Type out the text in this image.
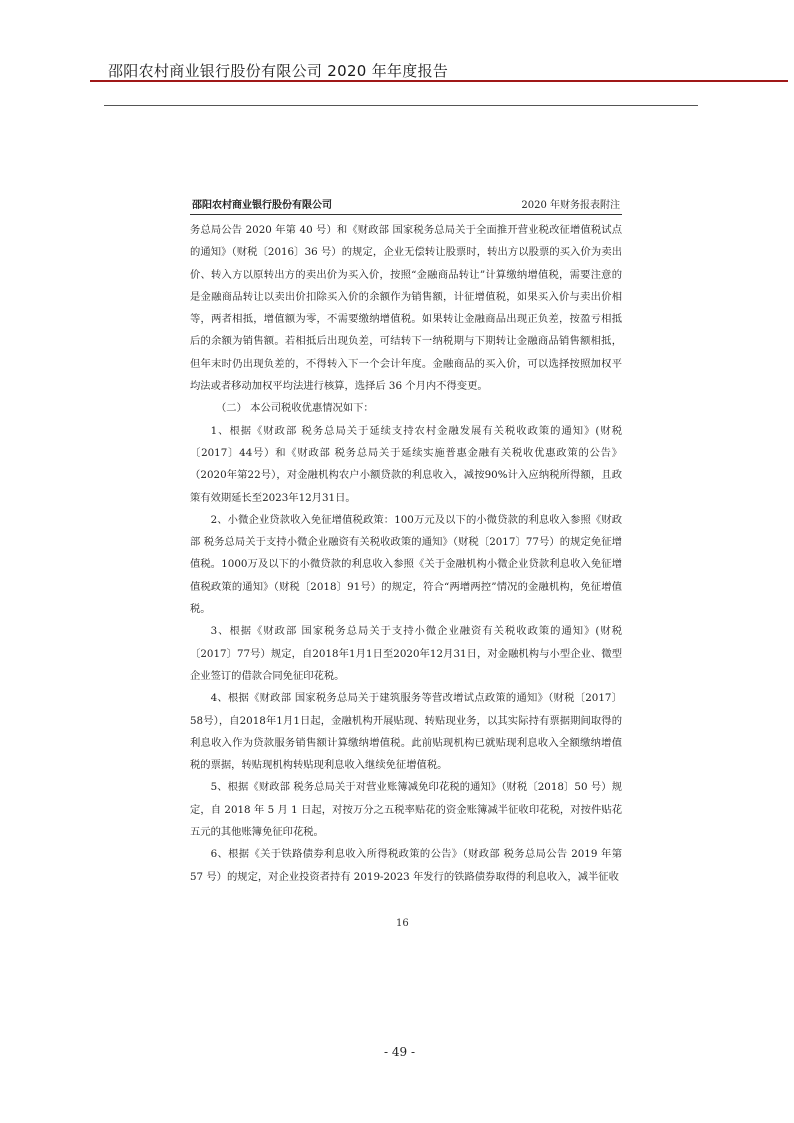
邵阳农村商业银行股份有限公司 2020 年年度报告
邵阳农村商业银行股份有限公司	2020 年财务报表附注

务总局公告 2020 年第 40 号）和《财政部 国家税务总局关于全面推开营业税改征增值税试点的通知》（财税〔2016〕36 号）的规定，企业无偿转让股票时，转出方以股票的买入价为卖出价、转入方以原转出方的卖出价为买入价，按照“金融商品转让”计算缴纳增值税，需要注意的是金融商品转让以卖出价扣除买入价的余额作为销售额，计征增值税，如果买入价与卖出价相等，两者相抵，增值额为零，不需要缴纳增值税。如果转让金融商品出现正负差，按盈亏相抵后的余额为销售额。若相抵后出现负差，可结转下一纳税期与下期转让金融商品销售额相抵，但年末时仍出现负差的，不得转入下一个会计年度。金融商品的买入价，可以选择按照加权平均法或者移动加权平均法进行核算，选择后 36 个月内不得变更。

（二） 本公司税收优惠情况如下：

1、根据《财政部 税务总局关于延续支持农村金融发展有关税收政策的通知》(财税〔2017〕44号）和《财政部 税务总局关于延续实施普惠金融有关税收优惠政策的公告》（2020年第22号），对金融机构农户小额贷款的利息收入，减按90%计入应纳税所得额，且政策有效期延长至2023年12月31日。

2、小微企业贷款收入免征增值税政策：100万元及以下的小微贷款的利息收入参照《财政部 税务总局关于支持小微企业融资有关税收政策的通知》（财税〔2017〕77号）的规定免征增值税。1000万及以下的小微贷款的利息收入参照《关于金融机构小微企业贷款利息收入免征增值税政策的通知》（财税〔2018〕91号）的规定，符合“两增两控”情况的金融机构，免征增值税。

3、根据《财政部 国家税务总局关于支持小微企业融资有关税收政策的通知》(财税〔2017〕77号）规定，自2018年1月1日至2020年12月31日，对金融机构与小型企业、微型企业签订的借款合同免征印花税。

4、根据《财政部 国家税务总局关于建筑服务等营改增试点政策的通知》（财税〔2017〕58号），自2018年1月1日起，金融机构开展贴现、转贴现业务，以其实际持有票据期间取得的利息收入作为贷款服务销售额计算缴纳增值税。此前贴现机构已就贴现利息收入全额缴纳增值税的票据，转贴现机构转贴现利息收入继续免征增值税。

5、根据《财政部 税务总局关于对营业账簿减免印花税的通知》（财税〔2018〕50 号）规定，自 2018 年 5 月 1 日起，对按万分之五税率贴花的资金账簿减半征收印花税，对按件贴花五元的其他账簿免征印花税。

6、根据《关于铁路债券利息收入所得税政策的公告》（财政部 税务总局公告 2019 年第 57 号）的规定，对企业投资者持有 2019-2023 年发行的铁路债券取得的利息收入，减半征收

16
- 49 -
